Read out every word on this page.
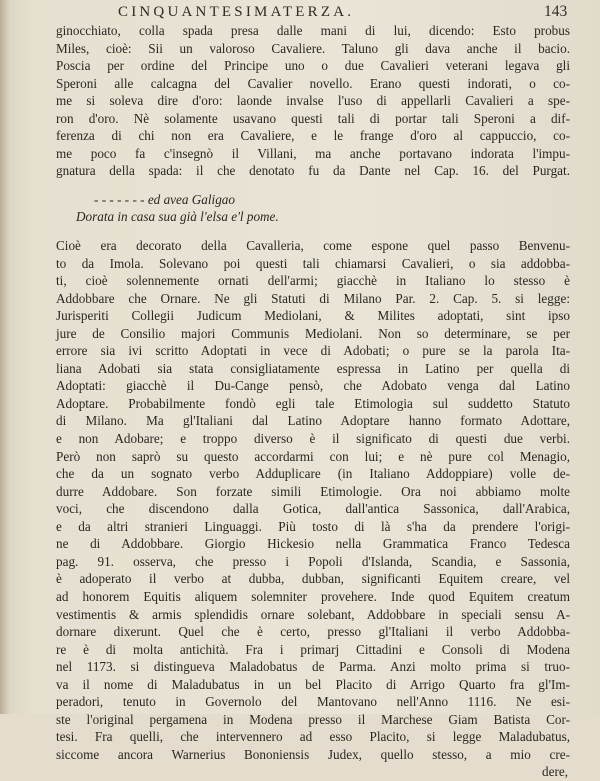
CINQUANTESIMATERZA.	143
ginocchiato, colla spada presa dalle mani di lui, dicendo: Esto probus
Miles, cioè: Sii un valoroso Cavaliere. Taluno gli dava anche il bacio.
Poscia per ordine del Principe uno o due Cavalieri veterani legava gli
Speroni alle calcagna del Cavalier novello. Erano questi indorati, o co-
me si soleva dire d'oro: laonde invalse l'uso di appellarli Cavalieri a spe-
ron d'oro. Nè solamente usavano questi tali di portar tali Speroni a dif-
ferenza di chi non era Cavaliere, e le frange d'oro al cappuccio, co-
me poco fa c'insegnò il Villani, ma anche portavano indorata l'impu-
gnatura della spada: il che denotato fu da Dante nel Cap. 16. del Purgat.
- - - - - - - ed avea Galigao
Dorata in casa sua già l'elsa e'l pome.
Cioè era decorato della Cavalleria, come espone quel passo Benvenu-
to da Imola. Solevano poi questi tali chiamarsi Cavalieri, o sia addobba-
ti, cioè solennemente ornati dell'armi; giacchè in Italiano lo stesso è
Addobbare che Ornare. Ne gli Statuti di Milano Par. 2. Cap. 5. si legge:
Jurisperiti Collegii Judicum Mediolani, & Milites adoptati, sint ipso
jure de Consilio majori Communis Mediolani. Non so determinare, se per
errore sia ivi scritto Adoptati in vece di Adobati; o pure se la parola Ita-
liana Adobati sia stata consigliatamente espressa in Latino per quella di
Adoptati: giacchè il Du-Cange pensò, che Adobato venga dal Latino
Adoptare. Probabilmente fondò egli tale Etimologia sul suddetto Statuto
di Milano. Ma gl'Italiani dal Latino Adoptare hanno formato Adottare,
e non Adobare; e troppo diverso è il significato di questi due verbi.
Però non saprò su questo accordarmi con lui; e nè pure col Menagio,
che da un sognato verbo Adduplicare (in Italiano Addoppiare) volle de-
durre Addobare. Son forzate simili Etimologie. Ora noi abbiamo molte
voci, che discendono dalla Gotica, dall'antica Sassonica, dall'Arabica,
e da altri stranieri Linguaggi. Più tosto di là s'ha da prendere l'origi-
ne di Addobbare. Giorgio Hickesio nella Grammatica Franco Tedesca
pag. 91. osserva, che presso i Popoli d'Islanda, Scandia, e Sassonia,
è adoperato il verbo at dubba, dubban, significanti Equitem creare, vel
ad honorem Equitis aliquem solemniter provehere. Inde quod Equitem creatum
vestimentis & armis splendidis ornare solebant, Addobbare in speciali sensu A-
dornare dixerunt. Quel che è certo, presso gl'Italiani il verbo Addobba-
re è di molta antichità. Fra i primarj Cittadini e Consoli di Modena
nel 1173. si distingueva Maladobatus de Parma. Anzi molto prima si truo-
va il nome di Maladubatus in un bel Placito di Arrigo Quarto fra gl'Im-
peradori, tenuto in Governolo del Mantovano nell'Anno 1116. Ne esi-
ste l'original pergamena in Modena presso il Marchese Giam Batista Cor-
tesi. Fra quelli, che intervennero ad esso Placito, si legge Maladubatus,
siccome ancora Warnerius Bononiensis Judex, quello stesso, a mio cre-
dere,
